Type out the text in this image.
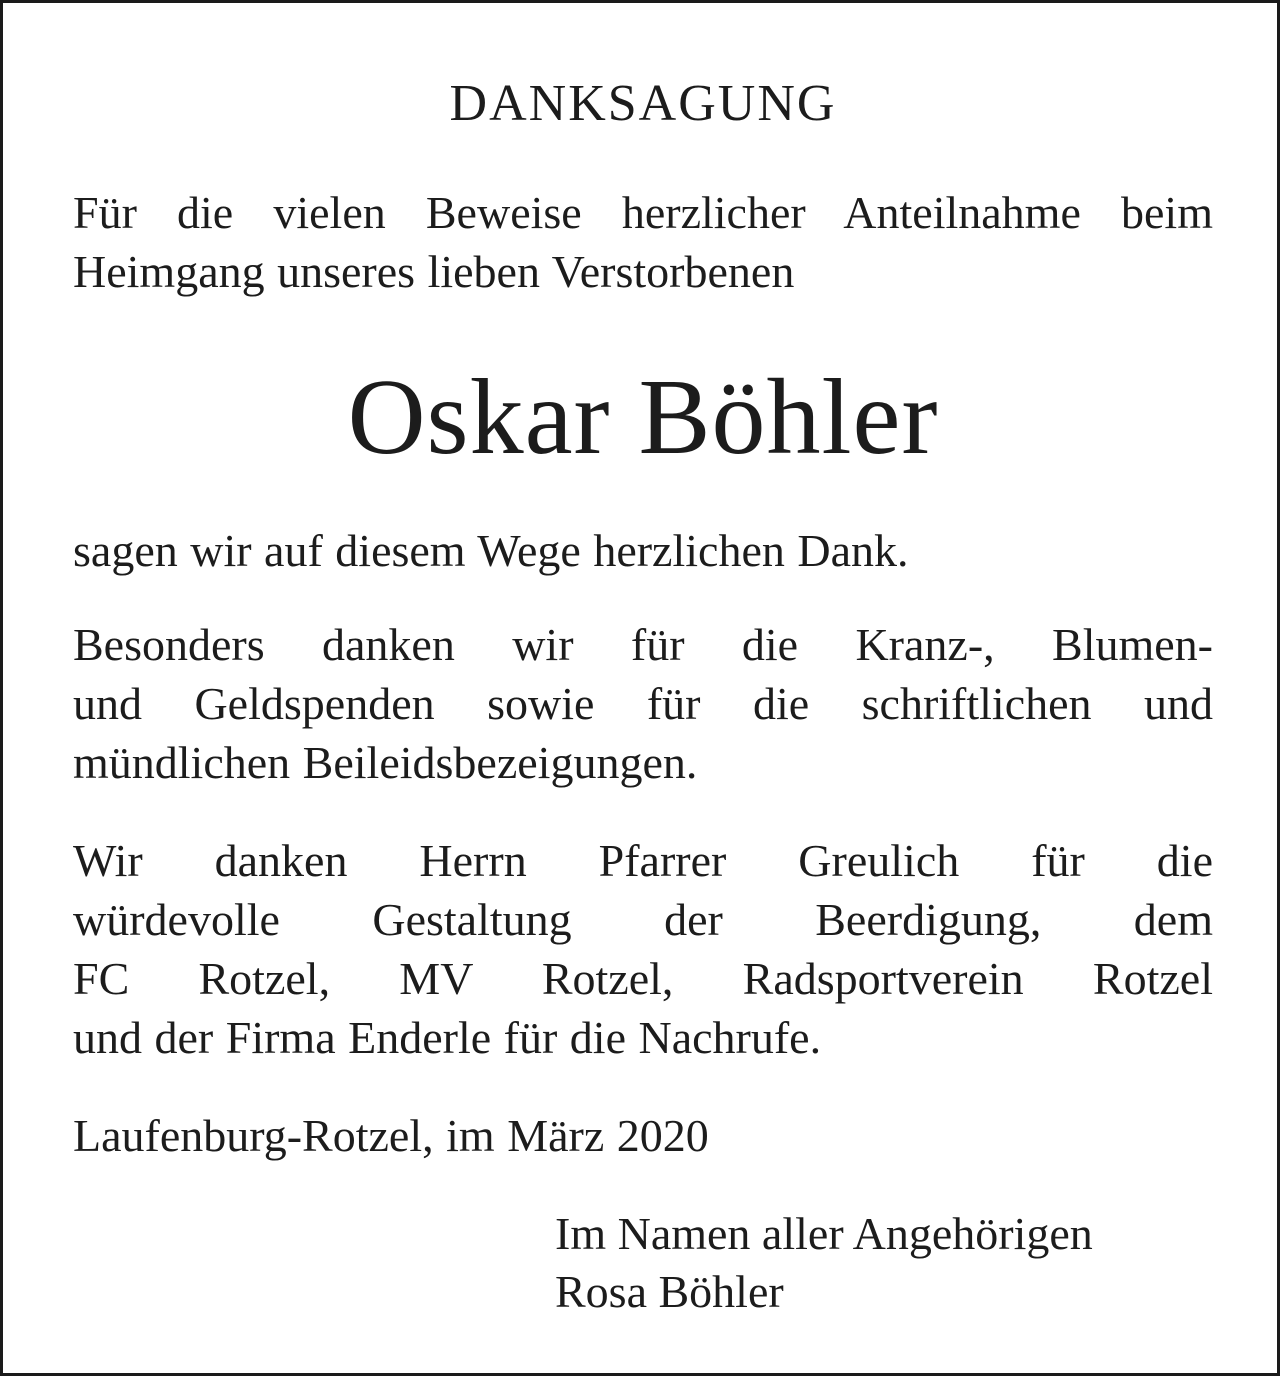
DANKSAGUNG
Für die vielen Beweise herzlicher Anteilnahme beim
Heimgang unseres lieben Verstorbenen
Oskar Böhler
sagen wir auf diesem Wege herzlichen Dank.
Besonders danken wir für die Kranz-, Blumen-
und Geldspenden sowie für die schriftlichen und
mündlichen Beileidsbezeigungen.
Wir danken Herrn Pfarrer Greulich für die
würdevolle Gestaltung der Beerdigung, dem
FC Rotzel, MV Rotzel, Radsportverein Rotzel
und der Firma Enderle für die Nachrufe.
Laufenburg-Rotzel, im März 2020
Im Namen aller Angehörigen
Rosa Böhler
